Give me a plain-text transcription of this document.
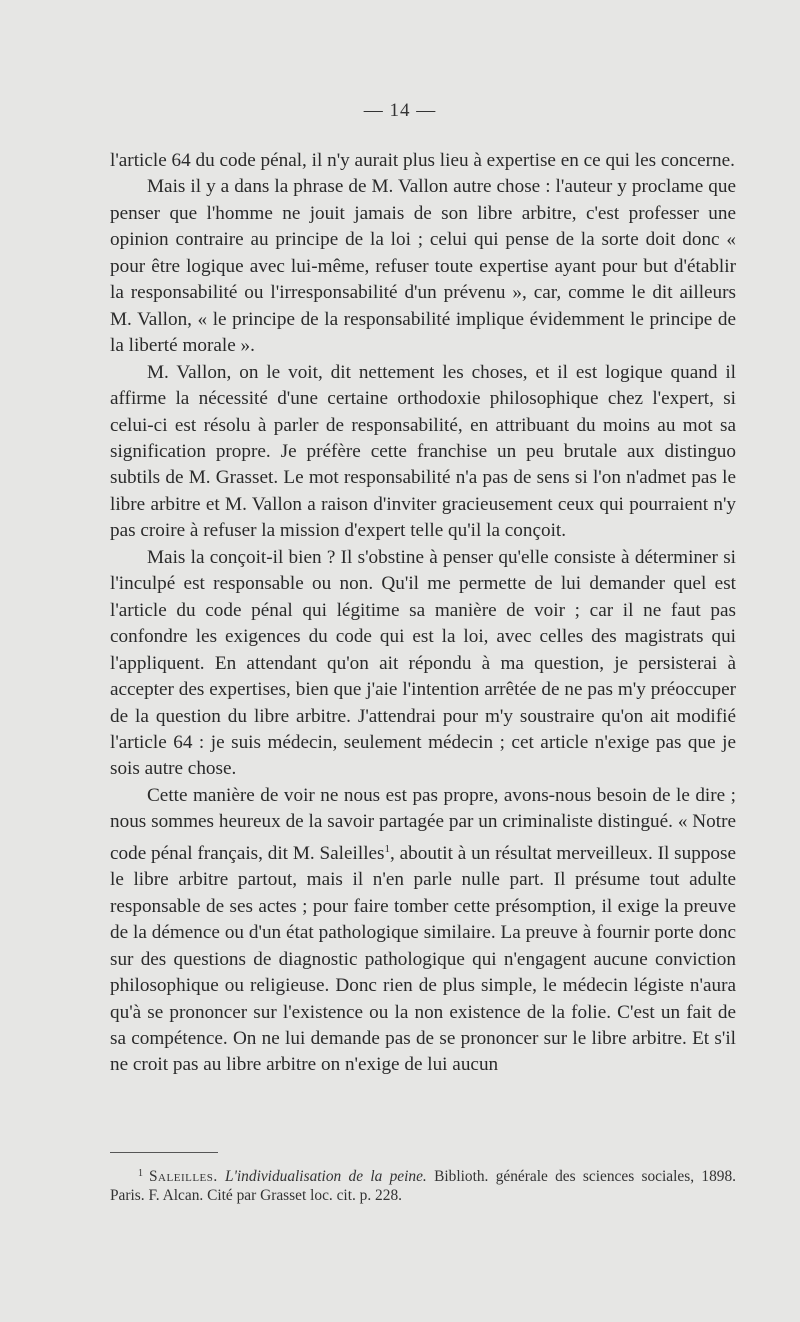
— 14 —

l'article 64 du code pénal, il n'y aurait plus lieu à expertise en ce qui les concerne.

Mais il y a dans la phrase de M. Vallon autre chose : l'auteur y proclame que penser que l'homme ne jouit jamais de son libre arbitre, c'est professer une opinion contraire au principe de la loi ; celui qui pense de la sorte doit donc « pour être logique avec lui-même, refuser toute expertise ayant pour but d'établir la responsabilité ou l'irresponsabilité d'un prévenu », car, comme le dit ailleurs M. Vallon, « le principe de la responsabilité implique évidemment le principe de la liberté morale ».

M. Vallon, on le voit, dit nettement les choses, et il est logique quand il affirme la nécessité d'une certaine orthodoxie philosophique chez l'expert, si celui-ci est résolu à parler de responsabilité, en attribuant du moins au mot sa signification propre. Je préfère cette franchise un peu brutale aux distinguo subtils de M. Grasset. Le mot responsabilité n'a pas de sens si l'on n'admet pas le libre arbitre et M. Vallon a raison d'inviter gracieusement ceux qui pourraient n'y pas croire à refuser la mission d'expert telle qu'il la conçoit.

Mais la conçoit-il bien ? Il s'obstine à penser qu'elle consiste à déterminer si l'inculpé est responsable ou non. Qu'il me permette de lui demander quel est l'article du code pénal qui légitime sa manière de voir ; car il ne faut pas confondre les exigences du code qui est la loi, avec celles des magistrats qui l'appliquent. En attendant qu'on ait répondu à ma question, je persisterai à accepter des expertises, bien que j'aie l'intention arrêtée de ne pas m'y préoccuper de la question du libre arbitre. J'attendrai pour m'y soustraire qu'on ait modifié l'article 64 : je suis médecin, seulement médecin ; cet article n'exige pas que je sois autre chose.

Cette manière de voir ne nous est pas propre, avons-nous besoin de le dire ; nous sommes heureux de la savoir partagée par un criminaliste distingué. « Notre code pénal français, dit M. Saleilles$^1$, aboutit à un résultat merveilleux. Il suppose le libre arbitre partout, mais il n'en parle nulle part. Il présume tout adulte responsable de ses actes ; pour faire tomber cette présomption, il exige la preuve de la démence ou d'un état pathologique similaire. La preuve à fournir porte donc sur des questions de diagnostic pathologique qui n'engagent aucune conviction philosophique ou religieuse. Donc rien de plus simple, le médecin légiste n'aura qu'à se prononcer sur l'existence ou la non existence de la folie. C'est un fait de sa compétence. On ne lui demande pas de se prononcer sur le libre arbitre. Et s'il ne croit pas au libre arbitre on n'exige de lui aucun

$^1$ Saleilles. L'individualisation de la peine. Biblioth. générale des sciences sociales, 1898. Paris. F. Alcan. Cité par Grasset loc. cit. p. 228.
